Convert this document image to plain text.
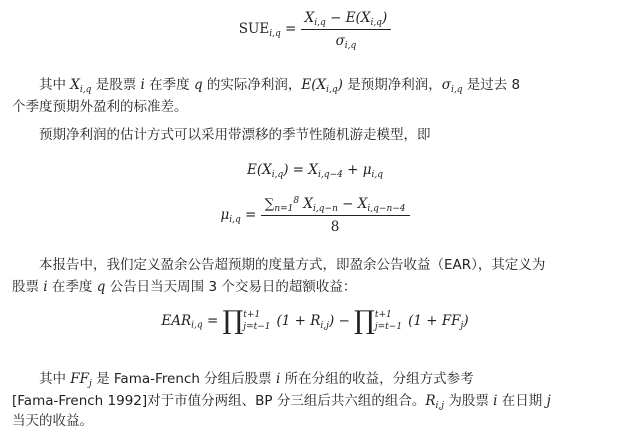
$SUE_{i,q} = \frac{X_{i,q} - E(X_{i,q})}{\sigma_{i,q}}$
其中 $X_{i,q}$ 是股票 i 在季度 q 的实际净利润，$E(X_{i,q})$ 是预期净利润，$\sigma_{i,q}$ 是过去 8
个季度预期外盈利的标准差。
预期净利润的估计方式可以采用带漂移的季节性随机游走模型，即
$E(X_{i,q}) = X_{i,q-4} + \mu_{i,q}$
$\mu_{i,q} = \frac{\sum_{n=1}^8 X_{i,q-n} - X_{i,q-n-4}}{8}$
本报告中，我们定义盈余公告超预期的度量方式，即盈余公告收益（EAR），其定义为
股票 i 在季度 q 公告日当天周围 3 个交易日的超额收益：
$EAR_{i,q}$ = ∏t+1
j=t−1 $(1 + R_{i,j})$ − ∏t+1
j=t−1 $(1 + FF_j)$
其中 $FF_j$ 是 Fama-French 分组后股票 i 所在分组的收益，分组方式参考
[Fama-French 1992]对于市值分两组、BP 分三组后共六组的组合。$R_{i,j}$ 为股票 i 在日期 j
当天的收益。
